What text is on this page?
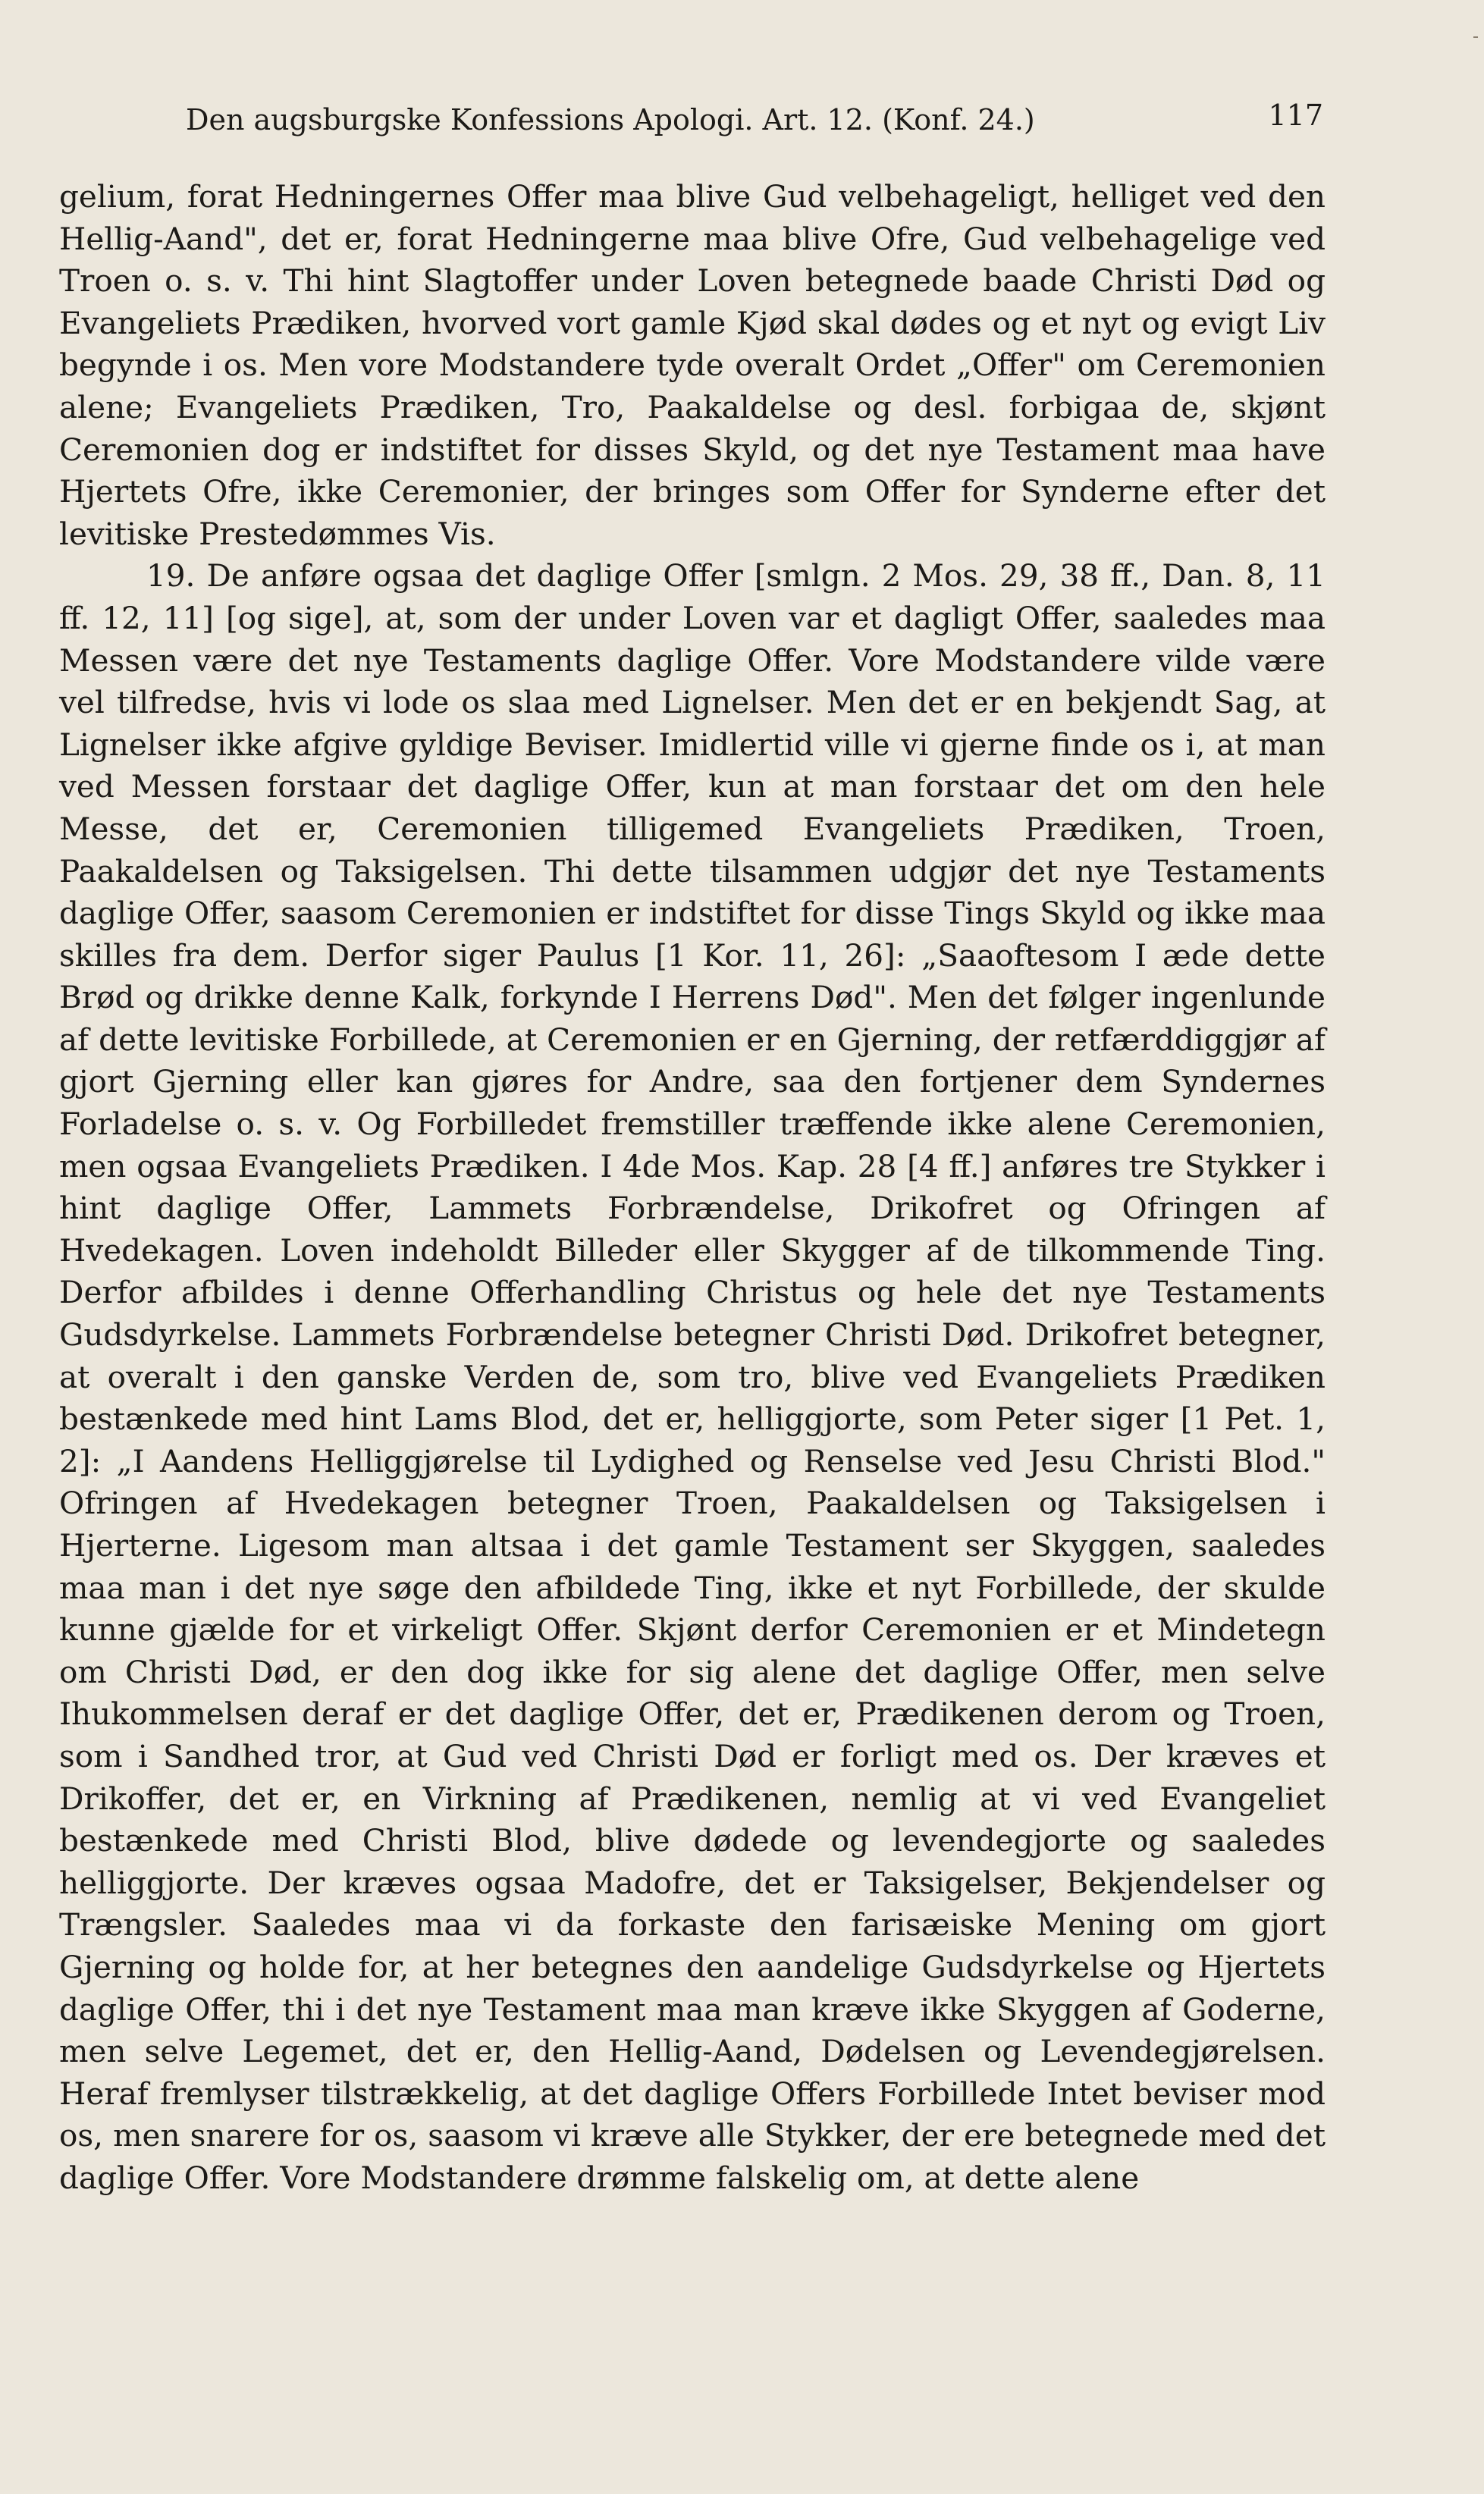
Den augsburgske Konfessions Apologi. Art. 12. (Konf. 24.)	117

gelium, forat Hedningernes Offer maa blive Gud velbehageligt, helliget ved den Hellig-Aand", det er, forat Hedningerne maa blive Ofre, Gud velbehagelige ved Troen o. s. v. Thi hint Slagtoffer under Loven betegnede baade Christi Død og Evangeliets Prædiken, hvorved vort gamle Kjød skal dødes og et nyt og evigt Liv begynde i os. Men vore Modstandere tyde overalt Ordet „Offer" om Ceremonien alene; Evangeliets Prædiken, Tro, Paakaldelse og desl. forbigaa de, skjønt Ceremonien dog er indstiftet for disses Skyld, og det nye Testament maa have Hjertets Ofre, ikke Ceremonier, der bringes som Offer for Synderne efter det levitiske Prestedømmes Vis.

19. De anføre ogsaa det daglige Offer [smlgn. 2 Mos. 29, 38 ff., Dan. 8, 11 ff. 12, 11] [og sige], at, som der under Loven var et dagligt Offer, saaledes maa Messen være det nye Testaments daglige Offer. Vore Modstandere vilde være vel tilfredse, hvis vi lode os slaa med Lignelser. Men det er en bekjendt Sag, at Lignelser ikke afgive gyldige Beviser. Imidlertid ville vi gjerne finde os i, at man ved Messen forstaar det daglige Offer, kun at man forstaar det om den hele Messe, det er, Ceremonien tilligemed Evangeliets Prædiken, Troen, Paakaldelsen og Taksigelsen. Thi dette tilsammen udgjør det nye Testaments daglige Offer, saasom Ceremonien er indstiftet for disse Tings Skyld og ikke maa skilles fra dem. Derfor siger Paulus [1 Kor. 11, 26]: „Saaoftesom I æde dette Brød og drikke denne Kalk, forkynde I Herrens Død". Men det følger ingenlunde af dette levitiske Forbillede, at Ceremonien er en Gjerning, der retfærddiggjør af gjort Gjerning eller kan gjøres for Andre, saa den fortjener dem Syndernes Forladelse o. s. v. Og Forbilledet fremstiller træffende ikke alene Ceremonien, men ogsaa Evangeliets Prædiken. I 4de Mos. Kap. 28 [4 ff.] anføres tre Stykker i hint daglige Offer, Lammets Forbrændelse, Drikofret og Ofringen af Hvedekagen. Loven indeholdt Billeder eller Skygger af de tilkommende Ting. Derfor afbildes i denne Offerhandling Christus og hele det nye Testaments Gudsdyrkelse. Lammets Forbrændelse betegner Christi Død. Drikofret betegner, at overalt i den ganske Verden de, som tro, blive ved Evangeliets Prædiken bestænkede med hint Lams Blod, det er, helliggjorte, som Peter siger [1 Pet. 1, 2]: „I Aandens Helliggjørelse til Lydighed og Renselse ved Jesu Christi Blod." Ofringen af Hvedekagen betegner Troen, Paakaldelsen og Taksigelsen i Hjerterne. Ligesom man altsaa i det gamle Testament ser Skyggen, saaledes maa man i det nye søge den afbildede Ting, ikke et nyt Forbillede, der skulde kunne gjælde for et virkeligt Offer. Skjønt derfor Ceremonien er et Mindetegn om Christi Død, er den dog ikke for sig alene det daglige Offer, men selve Ihukommelsen deraf er det daglige Offer, det er, Prædikenen derom og Troen, som i Sandhed tror, at Gud ved Christi Død er forligt med os. Der kræves et Drikoffer, det er, en Virkning af Prædikenen, nemlig at vi ved Evangeliet bestænkede med Christi Blod, blive dødede og levendegjorte og saaledes helliggjorte. Der kræves ogsaa Madofre, det er Taksigelser, Bekjendelser og Trængsler. Saaledes maa vi da forkaste den farisæiske Mening om gjort Gjerning og holde for, at her betegnes den aandelige Gudsdyrkelse og Hjertets daglige Offer, thi i det nye Testament maa man kræve ikke Skyggen af Goderne, men selve Legemet, det er, den Hellig-Aand, Dødelsen og Levendegjørelsen. Heraf fremlyser tilstrækkelig, at det daglige Offers Forbillede Intet beviser mod os, men snarere for os, saasom vi kræve alle Stykker, der ere betegnede med det daglige Offer. Vore Modstandere drømme falskelig om, at dette alene
